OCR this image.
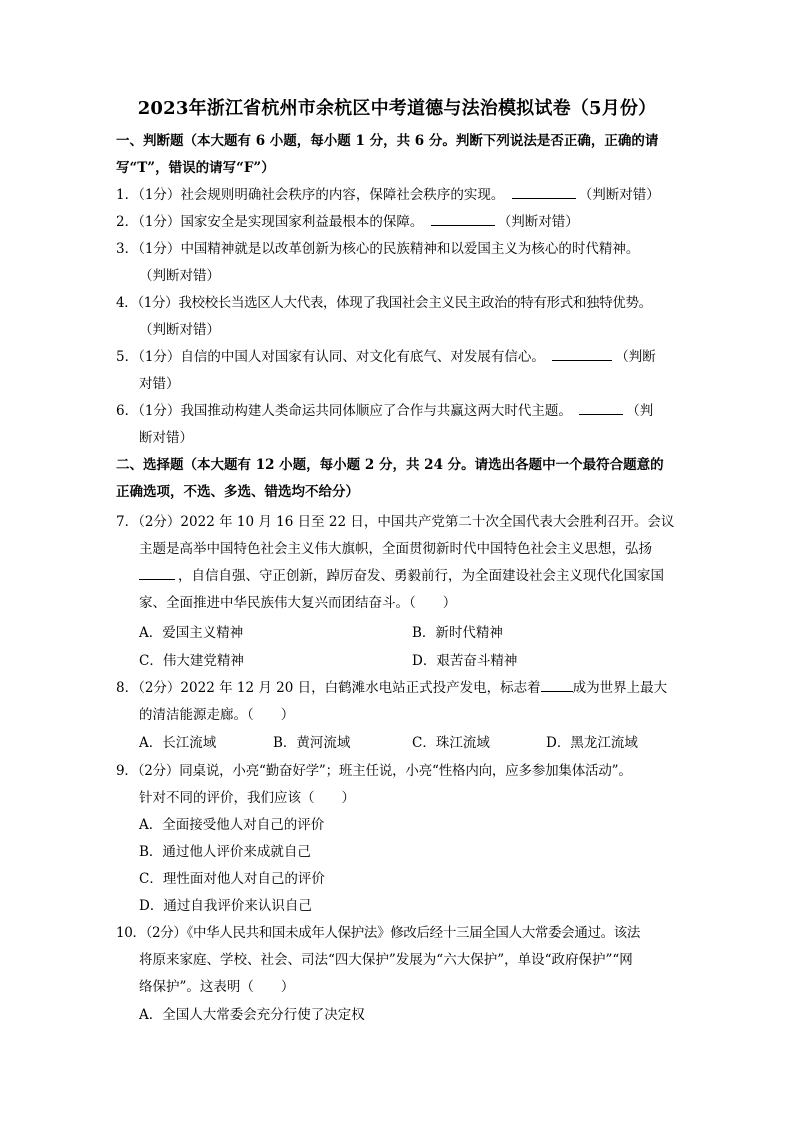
2023年浙江省杭州市余杭区中考道德与法治模拟试卷（5月份）
一、判断题（本大题有 6 小题，每小题 1 分，共 6 分。判断下列说法是否正确，正确的请
写“T”，错误的请写“F”）
1．（1分）社会规则明确社会秩序的内容，保障社会秩序的实现。	（判断对错）
2．（1分）国家安全是实现国家利益最根本的保障。	（判断对错）
3．（1分）中国精神就是以改革创新为核心的民族精神和以爱国主义为核心的时代精神。
（判断对错）
4．（1分）我校校长当选区人大代表，体现了我国社会主义民主政治的特有形式和独特优势。
（判断对错）
5．（1分）自信的中国人对国家有认同、对文化有底气、对发展有信心。	（判断
对错）
6．（1分）我国推动构建人类命运共同体顺应了合作与共赢这两大时代主题。	（判
断对错）
二、选择题（本大题有 12 小题，每小题 2 分，共 24 分。请选出各题中一个最符合题意的
正确选项，不选、多选、错选均不给分）
7．（2分）2022 年 10 月 16 日至 22 日，中国共产党第二十次全国代表大会胜利召开。会议
主题是高举中国特色社会主义伟大旗帜，全面贯彻新时代中国特色社会主义思想，弘扬
，自信自强、守正创新，踔厉奋发、勇毅前行，为全面建设社会主义现代化国家国
家、全面推进中华民族伟大复兴而团结奋斗。（　　）
A．爱国主义精神	B．新时代精神
C．伟大建党精神	D．艰苦奋斗精神
8．（2分）2022 年 12 月 20 日，白鹤滩水电站正式投产发电，标志着 成为世界上最大
的清洁能源走廊。（　　）
A．长江流域	B．黄河流域	C．珠江流域	D．黑龙江流域
9．（2分）同桌说，小亮“勤奋好学”；班主任说，小亮“性格内向，应多参加集体活动”。
针对不同的评价，我们应该（　　）
A．全面接受他人对自己的评价
B．通过他人评价来成就自己
C．理性面对他人对自己的评价
D．通过自我评价来认识自己
10．（2分）《中华人民共和国未成年人保护法》修改后经十三届全国人大常委会通过。该法
将原来家庭、学校、社会、司法“四大保护”发展为“六大保护”，单设“政府保护”“网
络保护”。这表明（　　）
A．全国人大常委会充分行使了决定权
